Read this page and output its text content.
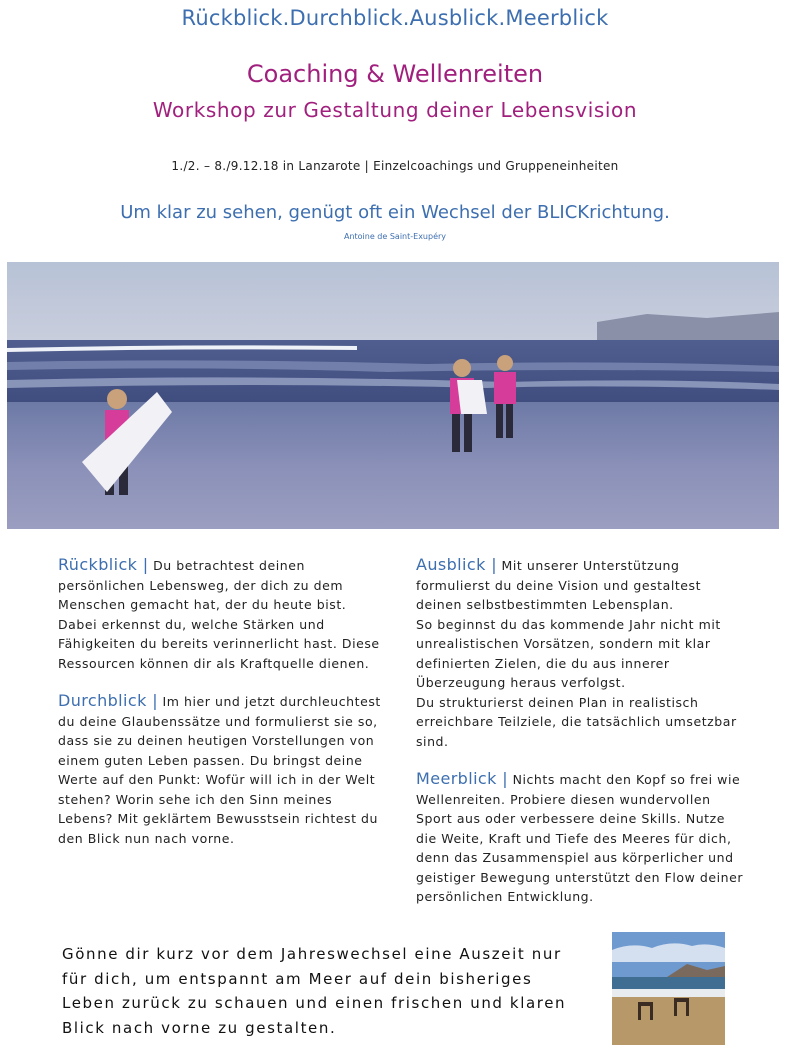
Rückblick.Durchblick.Ausblick.Meerblick
Coaching & Wellenreiten
Workshop zur Gestaltung deiner Lebensvision
1./2. – 8./9.12.18 in Lanzarote | Einzelcoachings und Gruppeneinheiten
Um klar zu sehen, genügt oft ein Wechsel der BLICKrichtung.
Antoine de Saint-Exupéry

Rückblick | Du betrachtest deinen persönlichen Lebensweg, der dich zu dem Menschen gemacht hat, der du heute bist. Dabei erkennst du, welche Stärken und Fähigkeiten du bereits verinnerlicht hast. Diese Ressourcen können dir als Kraftquelle dienen.

Durchblick | Im hier und jetzt durchleuchtest du deine Glaubenssätze und formulierst sie so, dass sie zu deinen heutigen Vorstellungen von einem guten Leben passen. Du bringst deine Werte auf den Punkt: Wofür will ich in der Welt stehen? Worin sehe ich den Sinn meines Lebens? Mit geklärtem Bewusstsein richtest du den Blick nun nach vorne.

Ausblick | Mit unserer Unterstützung formulierst du deine Vision und gestaltest deinen selbstbestimmten Lebensplan.

So beginnst du das kommende Jahr nicht mit unrealistischen Vorsätzen, sondern mit klar definierten Zielen, die du aus innerer Überzeugung heraus verfolgst.
Du strukturierst deinen Plan in realistisch erreichbare Teilziele, die tatsächlich umsetzbar sind.

Meerblick | Nichts macht den Kopf so frei wie Wellenreiten. Probiere diesen wundervollen Sport aus oder verbessere deine Skills. Nutze die Weite, Kraft und Tiefe des Meeres für dich, denn das Zusammenspiel aus körperlicher und geistiger Bewegung unterstützt den Flow deiner persönlichen Entwicklung.

Gönne dir kurz vor dem Jahreswechsel eine Auszeit nur für dich, um entspannt am Meer auf dein bisheriges Leben zurück zu schauen und einen frischen und klaren Blick nach vorne zu gestalten.
